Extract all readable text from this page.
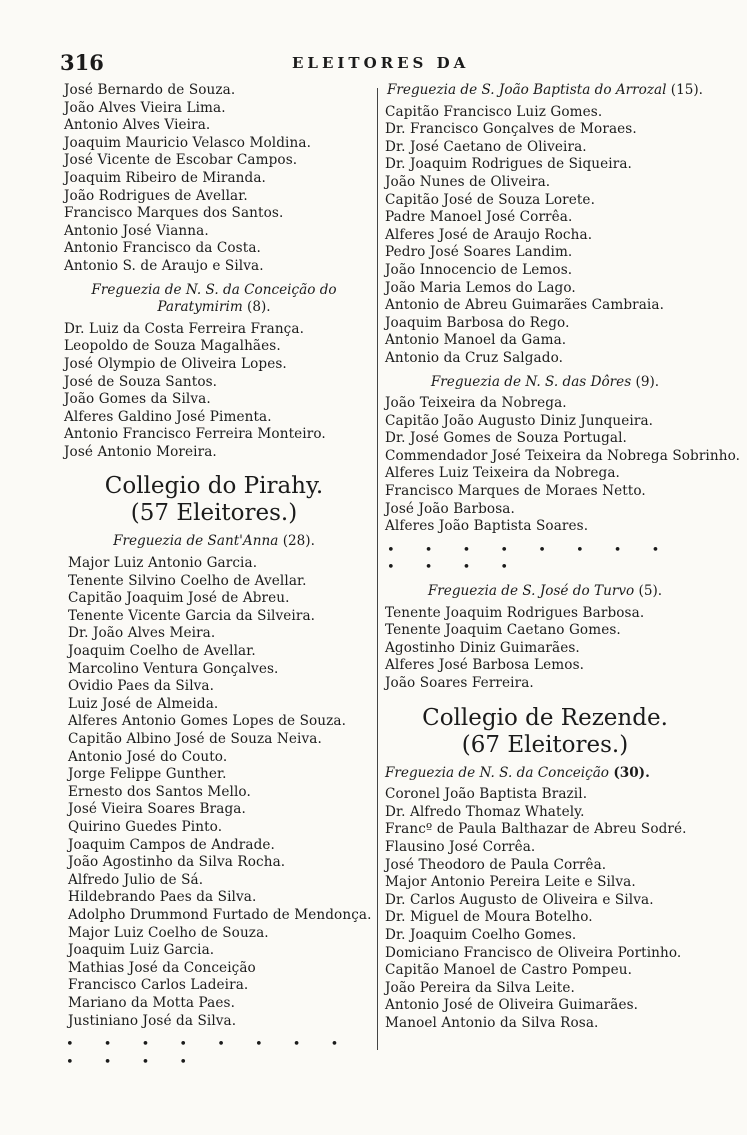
316	ELEITORES DA
José Bernardo de Souza.
João Alves Vieira Lima.
Antonio Alves Vieira.
Joaquim Mauricio Velasco Moldina.
José Vicente de Escobar Campos.
Joaquim Ribeiro de Miranda.
João Rodrigues de Avellar.
Francisco Marques dos Santos.
Antonio José Vianna.
Antonio Francisco da Costa.
Antonio S. de Araujo e Silva.
Freguezia de N. S. da Conceição do Paratymirim (8).
Dr. Luiz da Costa Ferreira França.
Leopoldo de Souza Magalhães.
José Olympio de Oliveira Lopes.
José de Souza Santos.
João Gomes da Silva.
Alferes Galdino José Pimenta.
Antonio Francisco Ferreira Monteiro.
José Antonio Moreira.
Collegio do Pirahy.
(57 Eleitores.)
Freguezia de Sant'Anna (28).
Major Luiz Antonio Garcia.
Tenente Silvino Coelho de Avellar.
Capitão Joaquim José de Abreu.
Tenente Vicente Garcia da Silveira.
Dr. João Alves Meira.
Joaquim Coelho de Avellar.
Marcolino Ventura Gonçalves.
Ovidio Paes da Silva.
Luiz José de Almeida.
Alferes Antonio Gomes Lopes de Souza.
Capitão Albino José de Souza Neiva.
Antonio José do Couto.
Jorge Felippe Gunther.
Ernesto dos Santos Mello.
José Vieira Soares Braga.
Quirino Guedes Pinto.
Joaquim Campos de Andrade.
João Agostinho da Silva Rocha.
Alfredo Julio de Sá.
Hildebrando Paes da Silva.
Adolpho Drummond Furtado de Mendonça.
Major Luiz Coelho de Souza.
Joaquim Luiz Garcia.
Mathias José da Conceição
Francisco Carlos Ladeira.
Mariano da Motta Paes.
Justiniano José da Silva.
• • • • • • • • • • • •
Freguezia de S. João Baptista do Arrozal (15).
Capitão Francisco Luiz Gomes.
Dr. Francisco Gonçalves de Moraes.
Dr. José Caetano de Oliveira.
Dr. Joaquim Rodrigues de Siqueira.
João Nunes de Oliveira.
Capitão José de Souza Lorete.
Padre Manoel José Corrêa.
Alferes José de Araujo Rocha.
Pedro José Soares Landim.
João Innocencio de Lemos.
João Maria Lemos do Lago.
Antonio de Abreu Guimarães Cambraia.
Joaquim Barbosa do Rego.
Antonio Manoel da Gama.
Antonio da Cruz Salgado.
Freguezia de N. S. das Dôres (9).
João Teixeira da Nobrega.
Capitão João Augusto Diniz Junqueira.
Dr. José Gomes de Souza Portugal.
Commendador José Teixeira da Nobrega Sobrinho.
Alferes Luiz Teixeira da Nobrega.
Francisco Marques de Moraes Netto.
José João Barbosa.
Alferes João Baptista Soares.
• • • • • • • • • • • •
Freguezia de S. José do Turvo (5).
Tenente Joaquim Rodrigues Barbosa.
Tenente Joaquim Caetano Gomes.
Agostinho Diniz Guimarães.
Alferes José Barbosa Lemos.
João Soares Ferreira.
Collegio de Rezende.
(67 Eleitores.)
Freguezia de N. S. da Conceição (30).
Coronel João Baptista Brazil.
Dr. Alfredo Thomaz Whately.
Francº de Paula Balthazar de Abreu Sodré.
Flausino José Corrêa.
José Theodoro de Paula Corrêa.
Major Antonio Pereira Leite e Silva.
Dr. Carlos Augusto de Oliveira e Silva.
Dr. Miguel de Moura Botelho.
Dr. Joaquim Coelho Gomes.
Domiciano Francisco de Oliveira Portinho.
Capitão Manoel de Castro Pompeu.
João Pereira da Silva Leite.
Antonio José de Oliveira Guimarães.
Manoel Antonio da Silva Rosa.
